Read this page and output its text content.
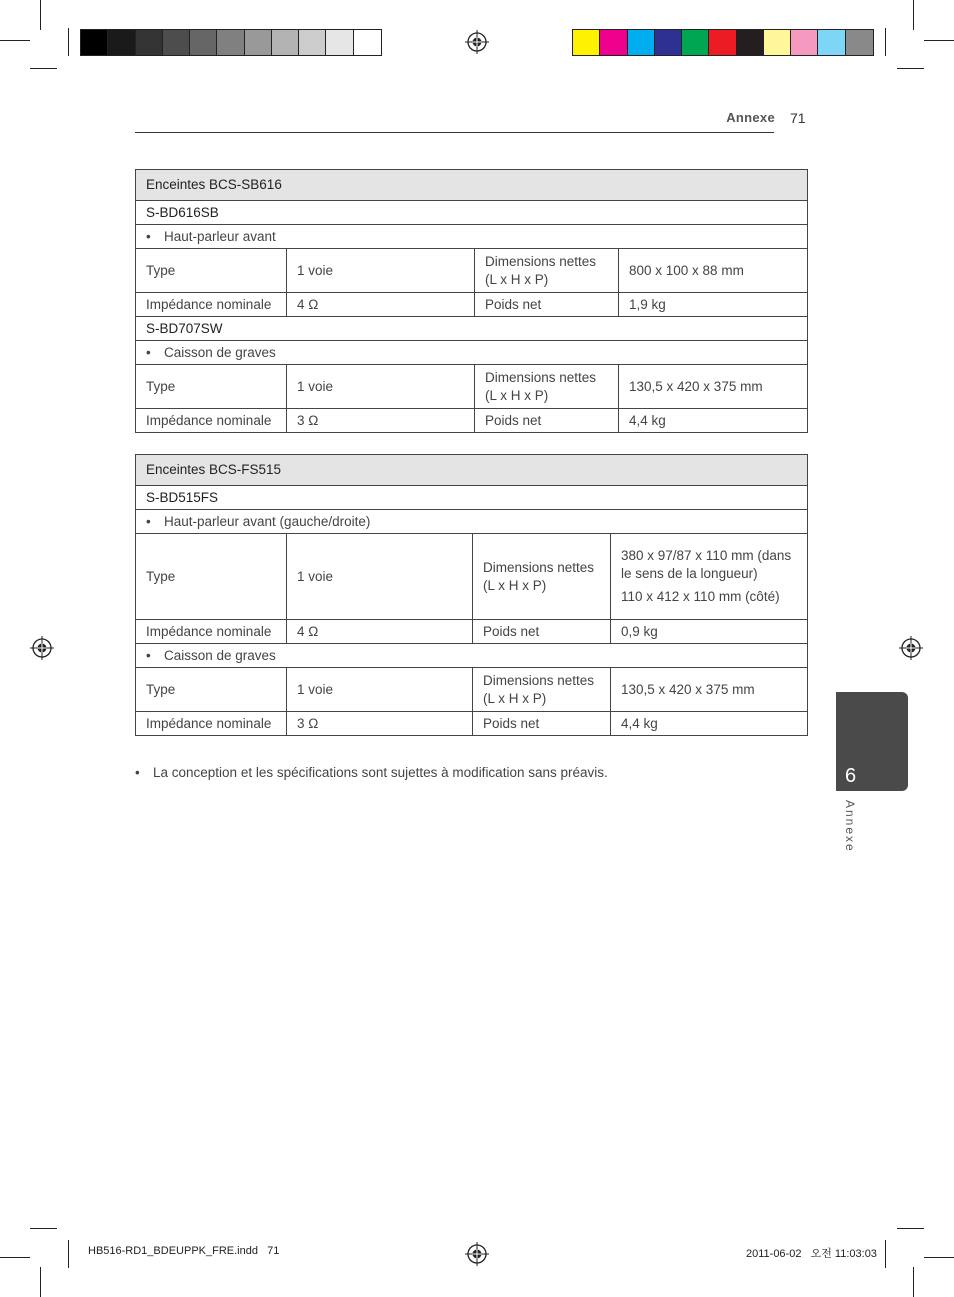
Annexe 71
Enceintes BCS-SB616			
S-BD616SB			
• Haut-parleur avant			
Type	1 voie	Dimensions nettes (L x H x P)	800 x 100 x 88 mm
Impédance nominale	4 Ω	Poids net	1,9 kg
S-BD707SW			
• Caisson de graves			
Type	1 voie	Dimensions nettes (L x H x P)	130,5 x 420 x 375 mm
Impédance nominale	3 Ω	Poids net	4,4 kg
Enceintes BCS-FS515			
S-BD515FS			
• Haut-parleur avant (gauche/droite)			
Type	1 voie	Dimensions nettes (L x H x P)	380 x 97/87 x 110 mm (dans le sens de la longueur)

110 x 412 x 110 mm (côté)

Impédance nominale	4 Ω	Poids net	0,9 kg
• Caisson de graves			
Type	1 voie	Dimensions nettes (L x H x P)	130,5 x 420 x 375 mm
Impédance nominale	3 Ω	Poids net	4,4 kg
• La conception et les spécifications sont sujettes à modification sans préavis.	6
Annexe
HB516-RD1_BDEUPPK_FRE.indd   71	2011-06-02   오전 11:03:03
